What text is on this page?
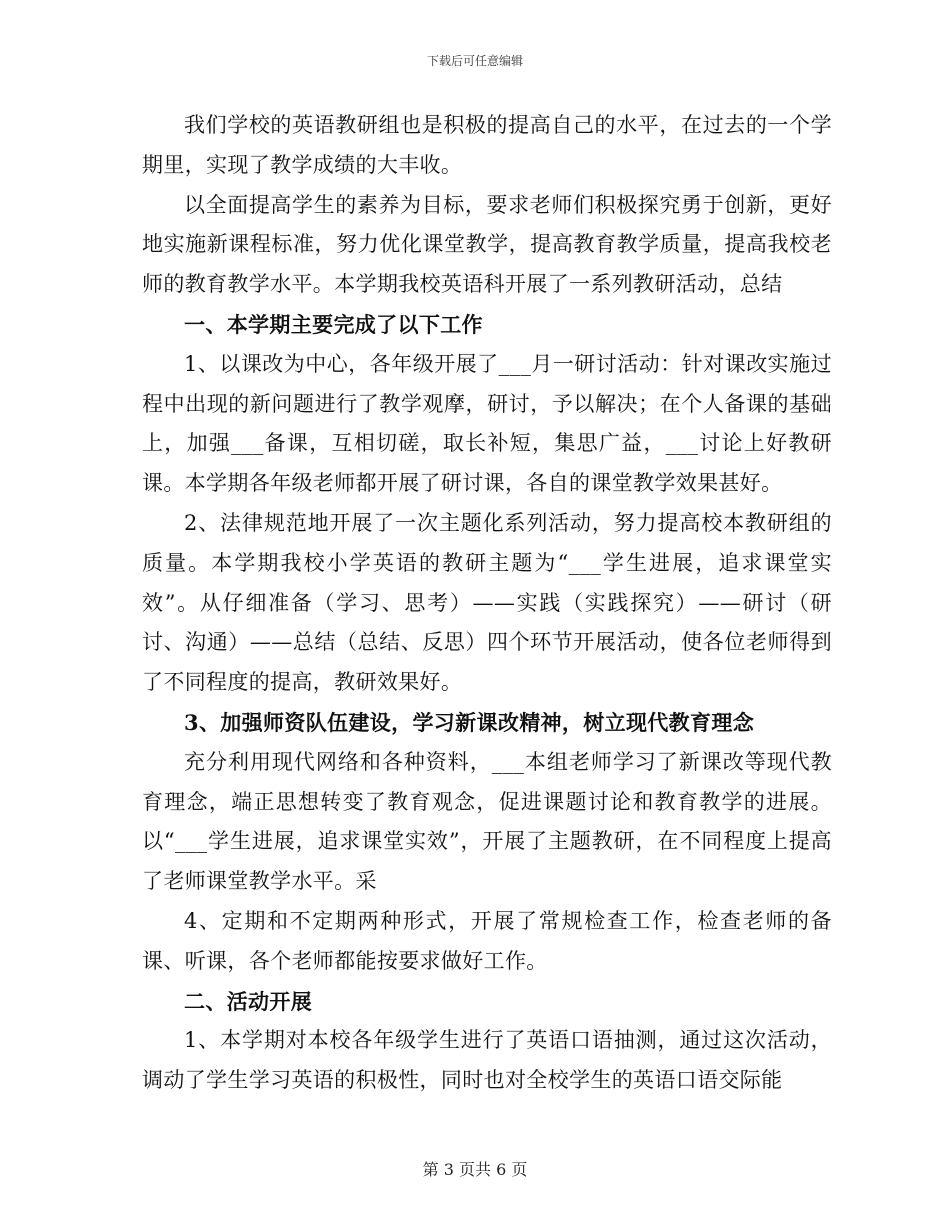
下载后可任意编辑

我们学校的英语教研组也是积极的提高自己的水平，在过去的一个学期里，实现了教学成绩的大丰收。

以全面提高学生的素养为目标，要求老师们积极探究勇于创新，更好地实施新课程标准，努力优化课堂教学，提高教育教学质量，提高我校老师的教育教学水平。本学期我校英语科开展了一系列教研活动，总结

一、本学期主要完成了以下工作

1、以课改为中心，各年级开展了___月一研讨活动：针对课改实施过程中出现的新问题进行了教学观摩，研讨，予以解决；在个人备课的基础上，加强___备课，互相切磋，取长补短，集思广益，___讨论上好教研课。本学期各年级老师都开展了研讨课，各自的课堂教学效果甚好。

2、法律规范地开展了一次主题化系列活动，努力提高校本教研组的质量。本学期我校小学英语的教研主题为“___学生进展，追求课堂实效”。从仔细准备（学习、思考）——实践（实践探究）——研讨（研讨、沟通）——总结（总结、反思）四个环节开展活动，使各位老师得到了不同程度的提高，教研效果好。

3、加强师资队伍建设，学习新课改精神，树立现代教育理念

充分利用现代网络和各种资料，___本组老师学习了新课改等现代教育理念，端正思想转变了教育观念，促进课题讨论和教育教学的进展。以“___学生进展，追求课堂实效”，开展了主题教研，在不同程度上提高了老师课堂教学水平。采

4、定期和不定期两种形式，开展了常规检查工作，检查老师的备课、听课，各个老师都能按要求做好工作。

二、活动开展

1、本学期对本校各年级学生进行了英语口语抽测，通过这次活动，调动了学生学习英语的积极性，同时也对全校学生的英语口语交际能

第 3 页共 6 页
